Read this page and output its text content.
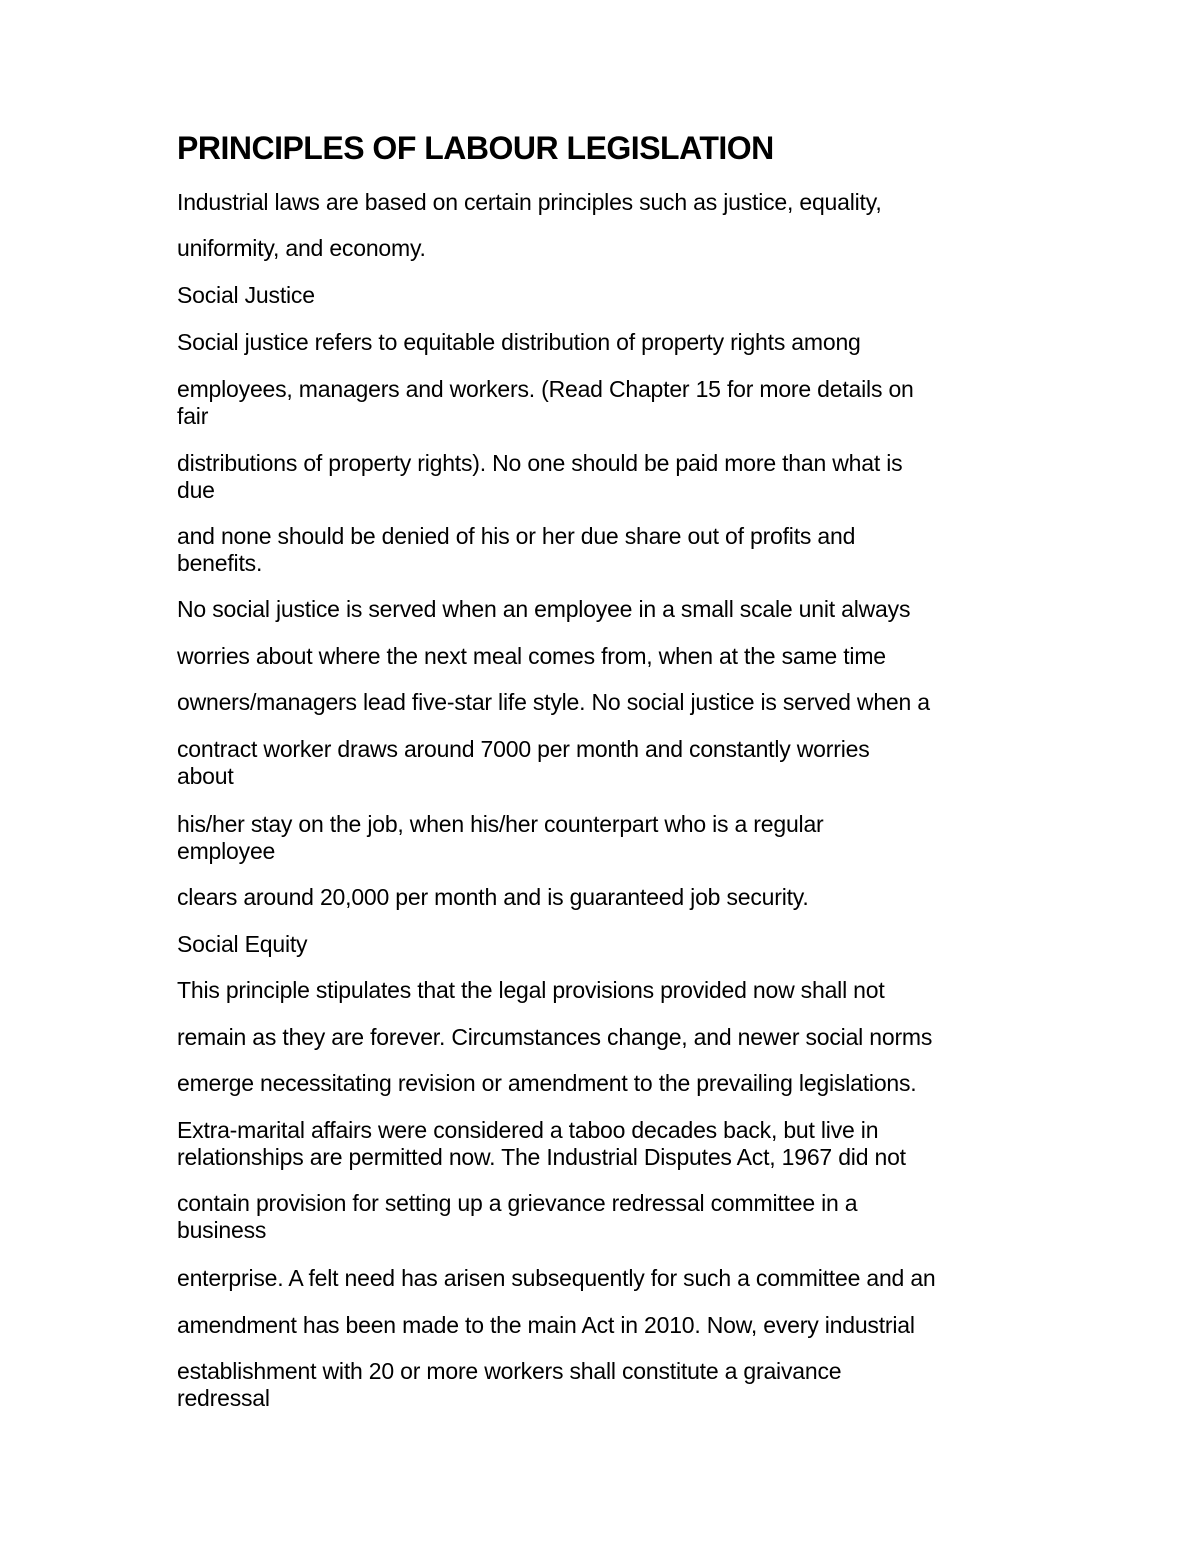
PRINCIPLES OF LABOUR LEGISLATION

Industrial laws are based on certain principles such as justice, equality,

uniformity, and economy.

Social Justice

Social justice refers to equitable distribution of property rights among

employees, managers and workers. (Read Chapter 15 for more details on
fair

distributions of property rights). No one should be paid more than what is
due

and none should be denied of his or her due share out of profits and
benefits.

No social justice is served when an employee in a small scale unit always

worries about where the next meal comes from, when at the same time

owners/managers lead five-star life style. No social justice is served when a

contract worker draws around 7000 per month and constantly worries
about

his/her stay on the job, when his/her counterpart who is a regular
employee

clears around 20,000 per month and is guaranteed job security.

Social Equity

This principle stipulates that the legal provisions provided now shall not

remain as they are forever. Circumstances change, and newer social norms

emerge necessitating revision or amendment to the prevailing legislations.

Extra-marital affairs were considered a taboo decades back, but live in
relationships are permitted now. The Industrial Disputes Act, 1967 did not

contain provision for setting up a grievance redressal committee in a
business

enterprise. A felt need has arisen subsequently for such a committee and an

amendment has been made to the main Act in 2010. Now, every industrial

establishment with 20 or more workers shall constitute a graivance
redressal
